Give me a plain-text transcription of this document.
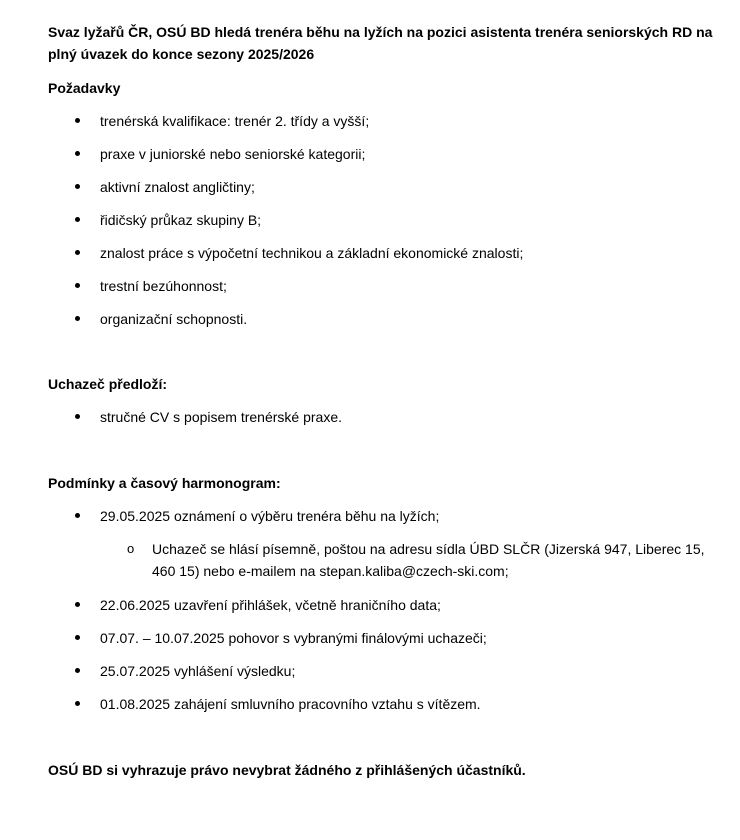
Svaz lyžařů ČR, OSÚ BD hledá trenéra běhu na lyžích na pozici asistenta trenéra seniorských RD na plný úvazek do konce sezony 2025/2026

Požadavky

trenérská kvalifikace: trenér 2. třídy a vyšší;
praxe v juniorské nebo seniorské kategorii;
aktivní znalost angličtiny;
řidičský průkaz skupiny B;
znalost práce s výpočetní technikou a základní ekonomické znalosti;
trestní bezúhonnost;
organizační schopnosti.

Uchazeč předloží:

stručné CV s popisem trenérské praxe.

Podmínky a časový harmonogram:

29.05.2025 oznámení o výběru trenéra běhu na lyžích;
o Uchazeč se hlásí písemně, poštou na adresu sídla ÚBD SLČR (Jizerská 947, Liberec 15, 460 15) nebo e-mailem na stepan.kaliba@czech-ski.com;
22.06.2025 uzavření přihlášek, včetně hraničního data;
07.07. – 10.07.2025 pohovor s vybranými finálovými uchazeči;
25.07.2025 vyhlášení výsledku;
01.08.2025 zahájení smluvního pracovního vztahu s vítězem.

OSÚ BD si vyhrazuje právo nevybrat žádného z přihlášených účastníků.
